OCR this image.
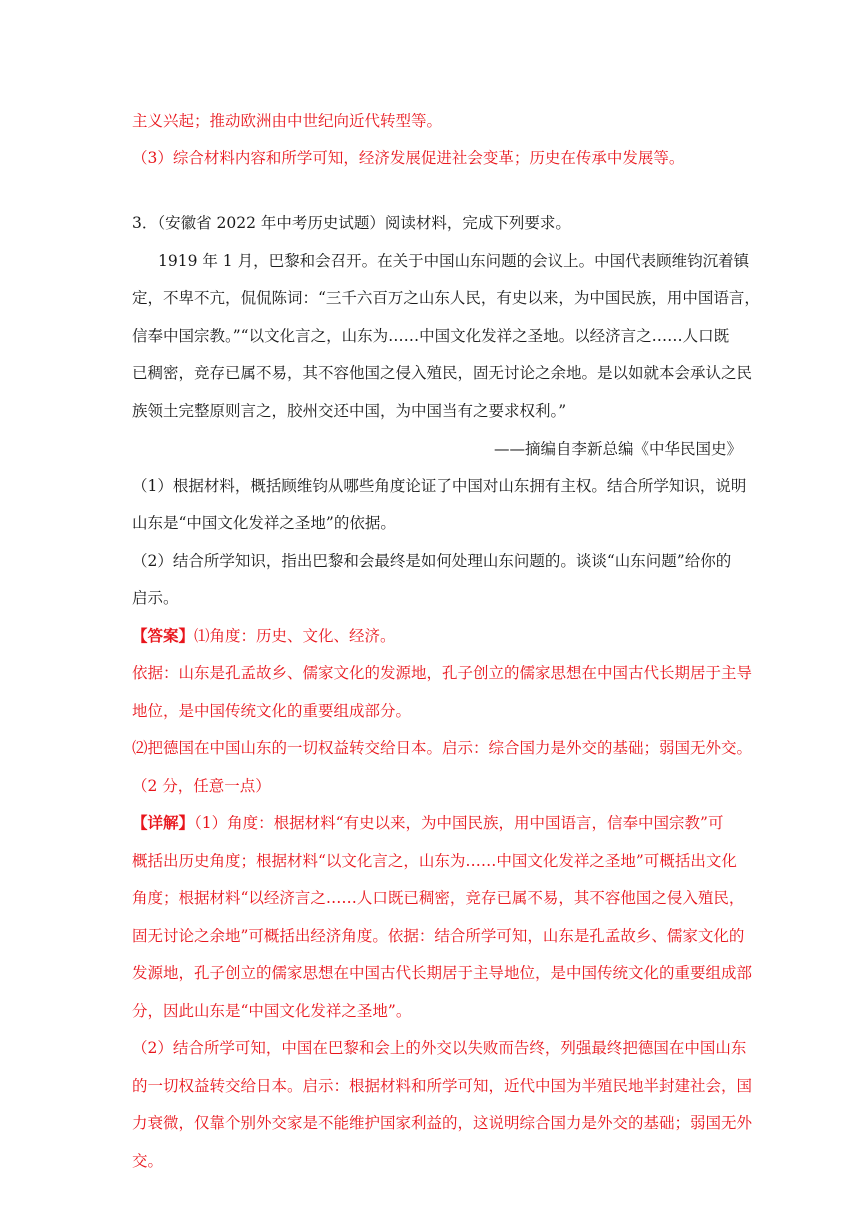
主义兴起；推动欧洲由中世纪向近代转型等。
（3）综合材料内容和所学可知，经济发展促进社会变革；历史在传承中发展等。
3．（安徽省 2022 年中考历史试题）阅读材料，完成下列要求。
1919 年 1 月，巴黎和会召开。在关于中国山东问题的会议上。中国代表顾维钧沉着镇
定，不卑不亢，侃侃陈词：“三千六百万之山东人民，有史以来，为中国民族，用中国语言，
信奉中国宗教。”“以文化言之，山东为……中国文化发祥之圣地。以经济言之……人口既
已稠密，竞存已属不易，其不容他国之侵入殖民，固无讨论之余地。是以如就本会承认之民
族领土完整原则言之，胶州交还中国，为中国当有之要求权利。”
——摘编自李新总编《中华民国史》
（1）根据材料，概括顾维钧从哪些角度论证了中国对山东拥有主权。结合所学知识，说明
山东是“中国文化发祥之圣地”的依据。
（2）结合所学知识，指出巴黎和会最终是如何处理山东问题的。谈谈“山东问题”给你的
启示。
【答案】⑴角度：历史、文化、经济。
依据：山东是孔孟故乡、儒家文化的发源地，孔子创立的儒家思想在中国古代长期居于主导
地位，是中国传统文化的重要组成部分。
⑵把德国在中国山东的一切权益转交给日本。启示：综合国力是外交的基础；弱国无外交。
（2 分，任意一点）
【详解】（1）角度：根据材料“有史以来，为中国民族，用中国语言，信奉中国宗教”可
概括出历史角度；根据材料“以文化言之，山东为……中国文化发祥之圣地”可概括出文化
角度；根据材料“以经济言之……人口既已稠密，竞存已属不易，其不容他国之侵入殖民，
固无讨论之余地”可概括出经济角度。依据：结合所学可知，山东是孔孟故乡、儒家文化的
发源地，孔子创立的儒家思想在中国古代长期居于主导地位，是中国传统文化的重要组成部
分，因此山东是“中国文化发祥之圣地”。
（2）结合所学可知，中国在巴黎和会上的外交以失败而告终，列强最终把德国在中国山东
的一切权益转交给日本。启示：根据材料和所学可知，近代中国为半殖民地半封建社会，国
力衰微，仅靠个别外交家是不能维护国家利益的，这说明综合国力是外交的基础；弱国无外
交。
